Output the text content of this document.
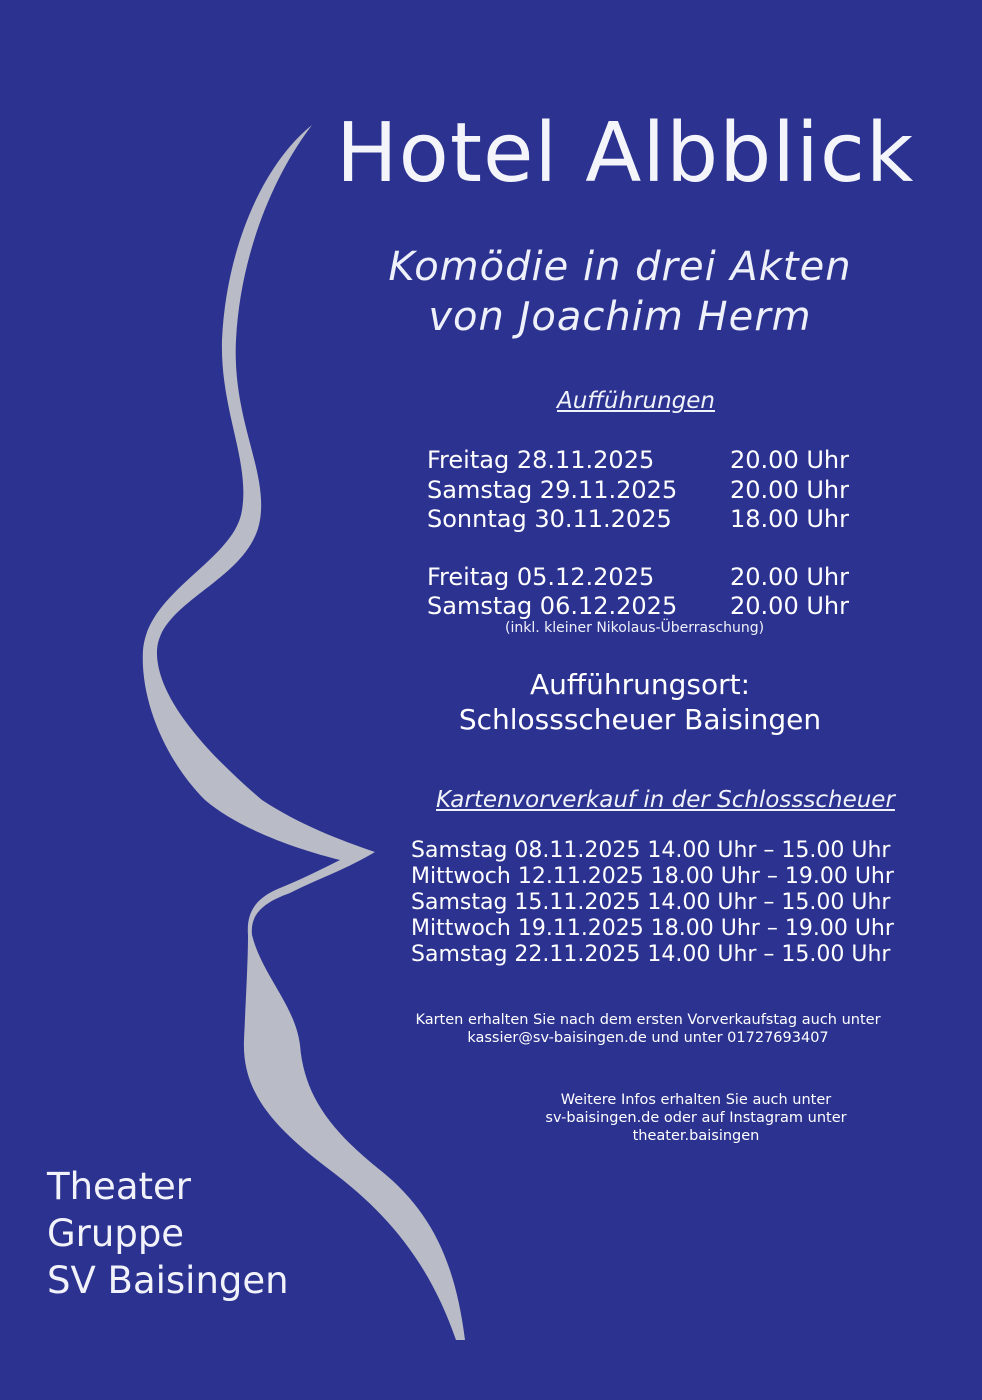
Hotel Albblick
Komödie in drei Akten
von Joachim Herm
Aufführungen
Freitag 28.11.2025	20.00 Uhr
Samstag 29.11.2025 20.00 Uhr
Sonntag 30.11.2025 18.00 Uhr
Freitag 05.12.2025	20.00 Uhr
Samstag 06.12.2025 20.00 Uhr
(inkl. kleiner Nikolaus-Überraschung)
Aufführungsort:
Schlossscheuer Baisingen
Kartenvorverkauf in der Schlossscheuer
Samstag 08.11.2025 14.00 Uhr – 15.00 Uhr
Mittwoch 12.11.2025 18.00 Uhr – 19.00 Uhr
Samstag 15.11.2025 14.00 Uhr – 15.00 Uhr
Mittwoch 19.11.2025 18.00 Uhr – 19.00 Uhr
Samstag 22.11.2025 14.00 Uhr – 15.00 Uhr
Karten erhalten Sie nach dem ersten Vorverkaufstag auch unter
kassier@sv-baisingen.de und unter 01727693407
Weitere Infos erhalten Sie auch unter
sv-baisingen.de oder auf Instagram unter
theater.baisingen
Theater
Gruppe
SV Baisingen
